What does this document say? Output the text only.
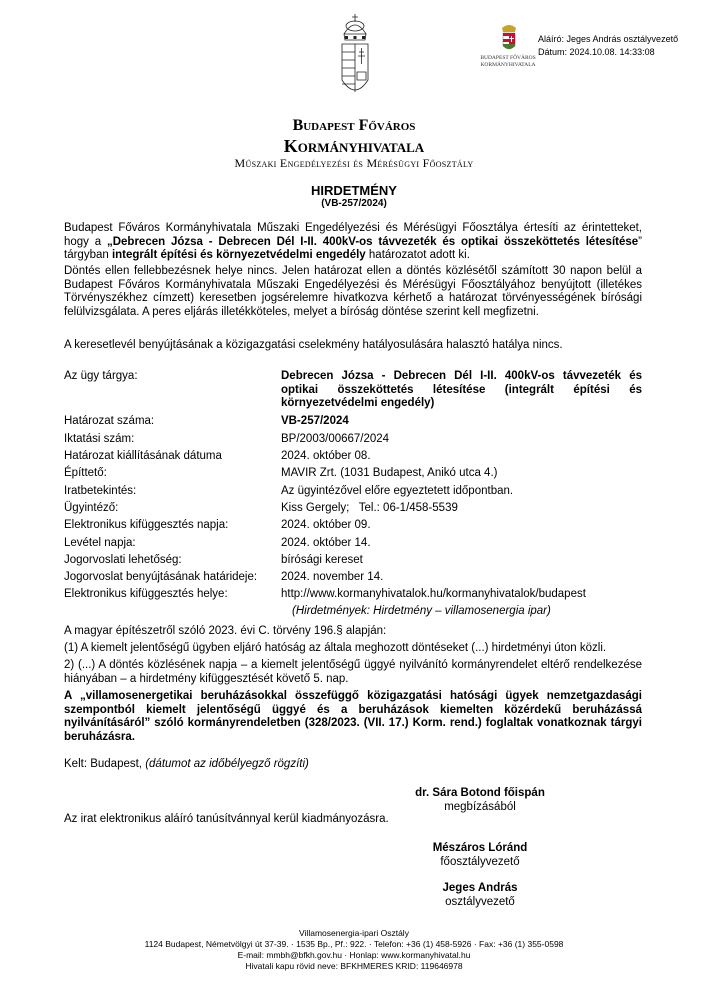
BUDAPEST FŐVÁROS
KORMÁNYHIVATALA
Aláíró: Jeges András osztályvezető
Dátum: 2024.10.08. 14:33:08
Budapest Főváros
Kormányhivatala
Műszaki Engedélyezési és Mérésügyi Főosztály
HIRDETMÉNY
(VB-257/2024)
Budapest Főváros Kormányhivatala Műszaki Engedélyezési és Mérésügyi Főosztálya értesíti az érintetteket, hogy a „Debrecen Józsa - Debrecen Dél I-II. 400kV-os távvezeték és optikai összeköttetés létesítése” tárgyban integrált építési és környezetvédelmi engedély határozatot adott ki.
Döntés ellen fellebbezésnek helye nincs. Jelen határozat ellen a döntés közlésétől számított 30 napon belül a Budapest Főváros Kormányhivatala Műszaki Engedélyezési és Mérésügyi Főosztályához benyújtott (illetékes Törvényszékhez címzett) keresetben jogsérelemre hivatkozva kérhető a határozat törvényességének bírósági felülvizsgálata. A peres eljárás illetékköteles, melyet a bíróság döntése szerint kell megfizetni.
A keresetlevél benyújtásának a közigazgatási cselekmény hatályosulására halasztó hatálya nincs.
Az ügy tárgya:	Debrecen Józsa - Debrecen Dél I-II. 400kV-os távvezeték és optikai összeköttetés létesítése (integrált építési és környezetvédelmi engedély)
Határozat száma:	VB-257/2024
Iktatási szám:	BP/2003/00667/2024
Határozat kiállításának dátuma	2024. október 08.
Építtető:	MAVIR Zrt. (1031 Budapest, Anikó utca 4.)
Iratbetekintés:	Az ügyintézővel előre egyeztetett időpontban.
Ügyintéző:	Kiss Gergely;   Tel.: 06-1/458-5539
Elektronikus kifüggesztés napja:	2024. október 09.
Levétel napja:	2024. október 14.
Jogorvoslati lehetőség:	bírósági kereset
Jogorvoslat benyújtásának határideje: 2024. november 14.
Elektronikus kifüggesztés helye:	http://www.kormanyhivatalok.hu/kormanyhivatalok/budapest
(Hirdetmények: Hirdetmény – villamosenergia ipar)
A magyar építészetről szóló 2023. évi C. törvény 196.§ alapján:
(1) A kiemelt jelentőségű ügyben eljáró hatóság az általa meghozott döntéseket (...) hirdetményi úton közli.
2) (...) A döntés közlésének napja – a kiemelt jelentőségű üggyé nyilvánító kormányrendelet eltérő rendelkezése hiányában – a hirdetmény kifüggesztését követő 5. nap.
A „villamosenergetikai beruházásokkal összefüggő közigazgatási hatósági ügyek nemzetgazdasági szempontból kiemelt jelentőségű üggyé és a beruházások kiemelten közérdekű beruházássá nyilvánításáról” szóló kormányrendeletben (328/2023. (VII. 17.) Korm. rend.) foglaltak vonatkoznak tárgyi beruházásra.
Kelt: Budapest, (dátumot az időbélyegző rögzíti)
dr. Sára Botond főispán
megbízásából
Az irat elektronikus aláíró tanúsítvánnyal kerül kiadmányozásra.
Mészáros Lóránd
főosztályvezető
Jeges András
osztályvezető
Villamosenergia-ipari Osztály
1124 Budapest, Németvölgyi út 37-39. · 1535 Bp., Pf.: 922. · Telefon: +36 (1) 458-5926 · Fax: +36 (1) 355-0598
E-mail: mmbh@bfkh.gov.hu · Honlap: www.kormanyhivatal.hu
Hivatali kapu rövid neve: BFKHMERES KRID: 119646978
